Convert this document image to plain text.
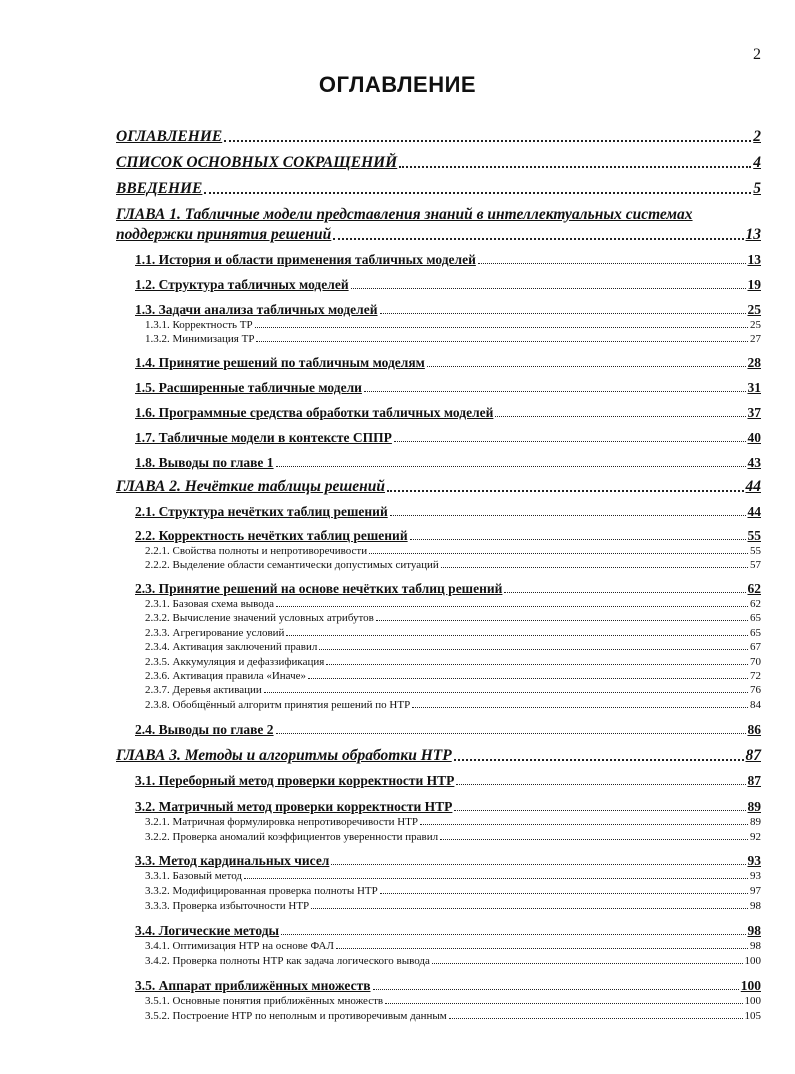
2
ОГЛАВЛЕНИЕ
ОГЛАВЛЕНИЕ	2
СПИСОК ОСНОВНЫХ СОКРАЩЕНИЙ	4
ВВЕДЕНИЕ	5
ГЛАВА 1. Табличные модели представления знаний в интеллектуальных системах
поддержки принятия решений	13
1.1. История и области применения табличных моделей	13
1.2. Структура табличных моделей	19
1.3. Задачи анализа табличных моделей	25
1.3.1. Корректность ТР	25
1.3.2. Минимизация ТР	27
1.4. Принятие решений по табличным моделям	28
1.5. Расширенные табличные модели	31
1.6. Программные средства обработки табличных моделей	37
1.7. Табличные модели в контексте СППР	40
1.8. Выводы по главе 1	43
ГЛАВА 2. Нечёткие таблицы решений	44
2.1. Структура нечётких таблиц решений	44
2.2. Корректность нечётких таблиц решений	55
2.2.1. Свойства полноты и непротиворечивости	55
2.2.2. Выделение области семантически допустимых ситуаций	57
2.3. Принятие решений на основе нечётких таблиц решений	62
2.3.1. Базовая схема вывода	62
2.3.2. Вычисление значений условных атрибутов	65
2.3.3. Агрегирование условий	65
2.3.4. Активация заключений правил	67
2.3.5. Аккумуляция и дефаззификация	70
2.3.6. Активация правила «Иначе»	72
2.3.7. Деревья активации	76
2.3.8. Обобщённый алгоритм принятия решений по НТР	84
2.4. Выводы по главе 2	86
ГЛАВА 3. Методы и алгоритмы обработки НТР	87
3.1. Переборный метод проверки корректности НТР	87
3.2. Матричный метод проверки корректности НТР	89
3.2.1. Матричная формулировка непротиворечивости НТР	89
3.2.2. Проверка аномалий коэффициентов уверенности правил	92
3.3. Метод кардинальных чисел	93
3.3.1. Базовый метод	93
3.3.2. Модифицированная проверка полноты НТР	97
3.3.3. Проверка избыточности НТР	98
3.4. Логические методы	98
3.4.1. Оптимизация НТР на основе ФАЛ	98
3.4.2. Проверка полноты НТР как задача логического вывода	100
3.5. Аппарат приближённых множеств	100
3.5.1. Основные понятия приближённых множеств	100
3.5.2. Построение НТР по неполным и противоречивым данным	105
